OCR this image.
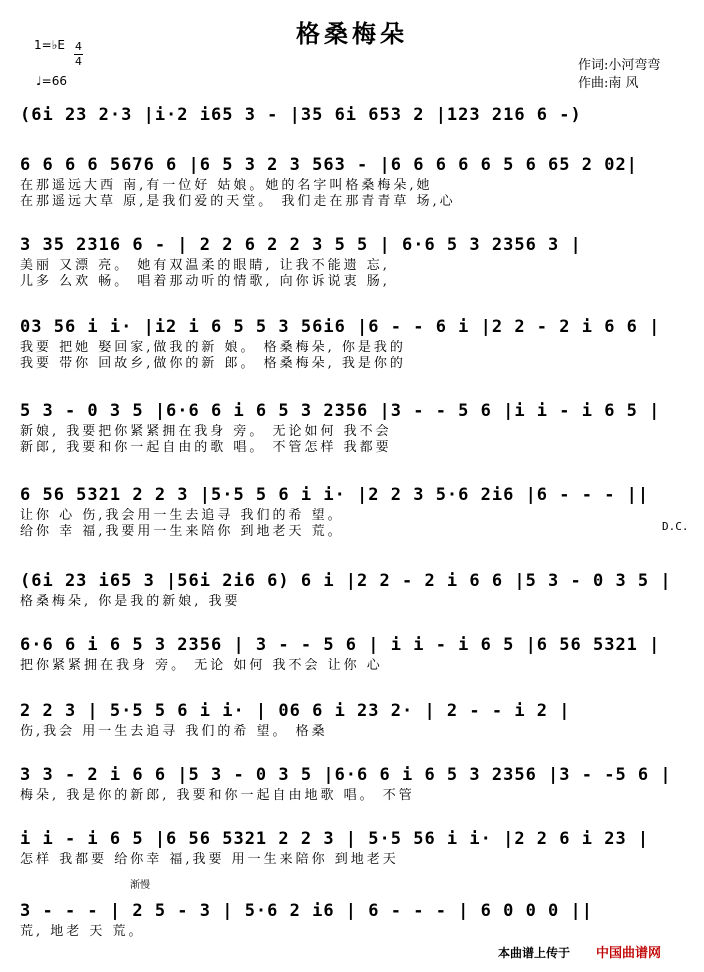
格桑梅朵
1=♭E 4
4
♩=66
作词:小河弯弯
作曲:南 风
(6i 23 2·3 |i·2 i65 3 - |35 6i 653 2 |123 216 6 -)
6 6 6 6 5676 6 |6 5 3 2 3 563 - |6 6 6 6 6 5 6 65 2 02|
在那遥远大西 南,有一位好 姑娘。她的名字叫格桑梅朵,她
在那遥远大草 原,是我们爱的天堂。 我们走在那青青草 场,心
3 35 2316 6 - | 2 2 6 2 2 3 5 5 | 6·6 5 3 2356 3 |
美丽 又漂 亮。 她有双温柔的眼睛, 让我不能遗 忘,
儿多 么欢 畅。 唱着那动听的情歌, 向你诉说衷 肠,
03 56 i i· |i2 i 6 5 5 3 56i6 |6 - - 6 i |2 2 - 2 i 6 6 |
我要 把她 娶回家,做我的新 娘。 格桑梅朵, 你是我的
我要 带你 回故乡,做你的新 郎。 格桑梅朵, 我是你的
5 3 - 0 3 5 |6·6 6 i 6 5 3 2356 |3 - - 5 6 |i i - i 6 5 |
新娘, 我要把你紧紧拥在我身 旁。 无论如何 我不会
新郎, 我要和你一起自由的歌 唱。 不管怎样 我都要
6 56 5321 2 2 3 |5·5 5 6 i i· |2 2 3 5·6 2i6 |6 - - - ||
让你 心 伤,我会用一生去追寻 我们的希 望。
给你 幸 福,我要用一生来陪你 到地老天 荒。
(6i 23 i65 3 |56i 2i6 6) 6 i |2 2 - 2 i 6 6 |5 3 - 0 3 5 |
格桑梅朵, 你是我的新娘, 我要
6·6 6 i 6 5 3 2356 | 3 - - 5 6 | i i - i 6 5 |6 56 5321 |
把你紧紧拥在我身 旁。 无论 如何 我不会 让你 心
2 2 3 | 5·5 5 6 i i· | 06 6 i 23 2· | 2 - - i 2 |
伤,我会 用一生去追寻 我们的希 望。 格桑
3 3 - 2 i 6 6 |5 3 - 0 3 5 |6·6 6 i 6 5 3 2356 |3 - -5 6 |
梅朵, 我是你的新郎, 我要和你一起自由地歌 唱。 不管
i i - i 6 5 |6 56 5321 2 2 3 | 5·5 56 i i· |2 2 6 i 23 |
怎样 我都要 给你幸 福,我要 用一生来陪你 到地老天
3 - - - | 2 5 - 3 | 5·6 2 i6 | 6 - - - | 6 0 0 0 ||
荒, 地老 天 荒。
D.C.
渐慢
本曲谱上传于 中国曲谱网
